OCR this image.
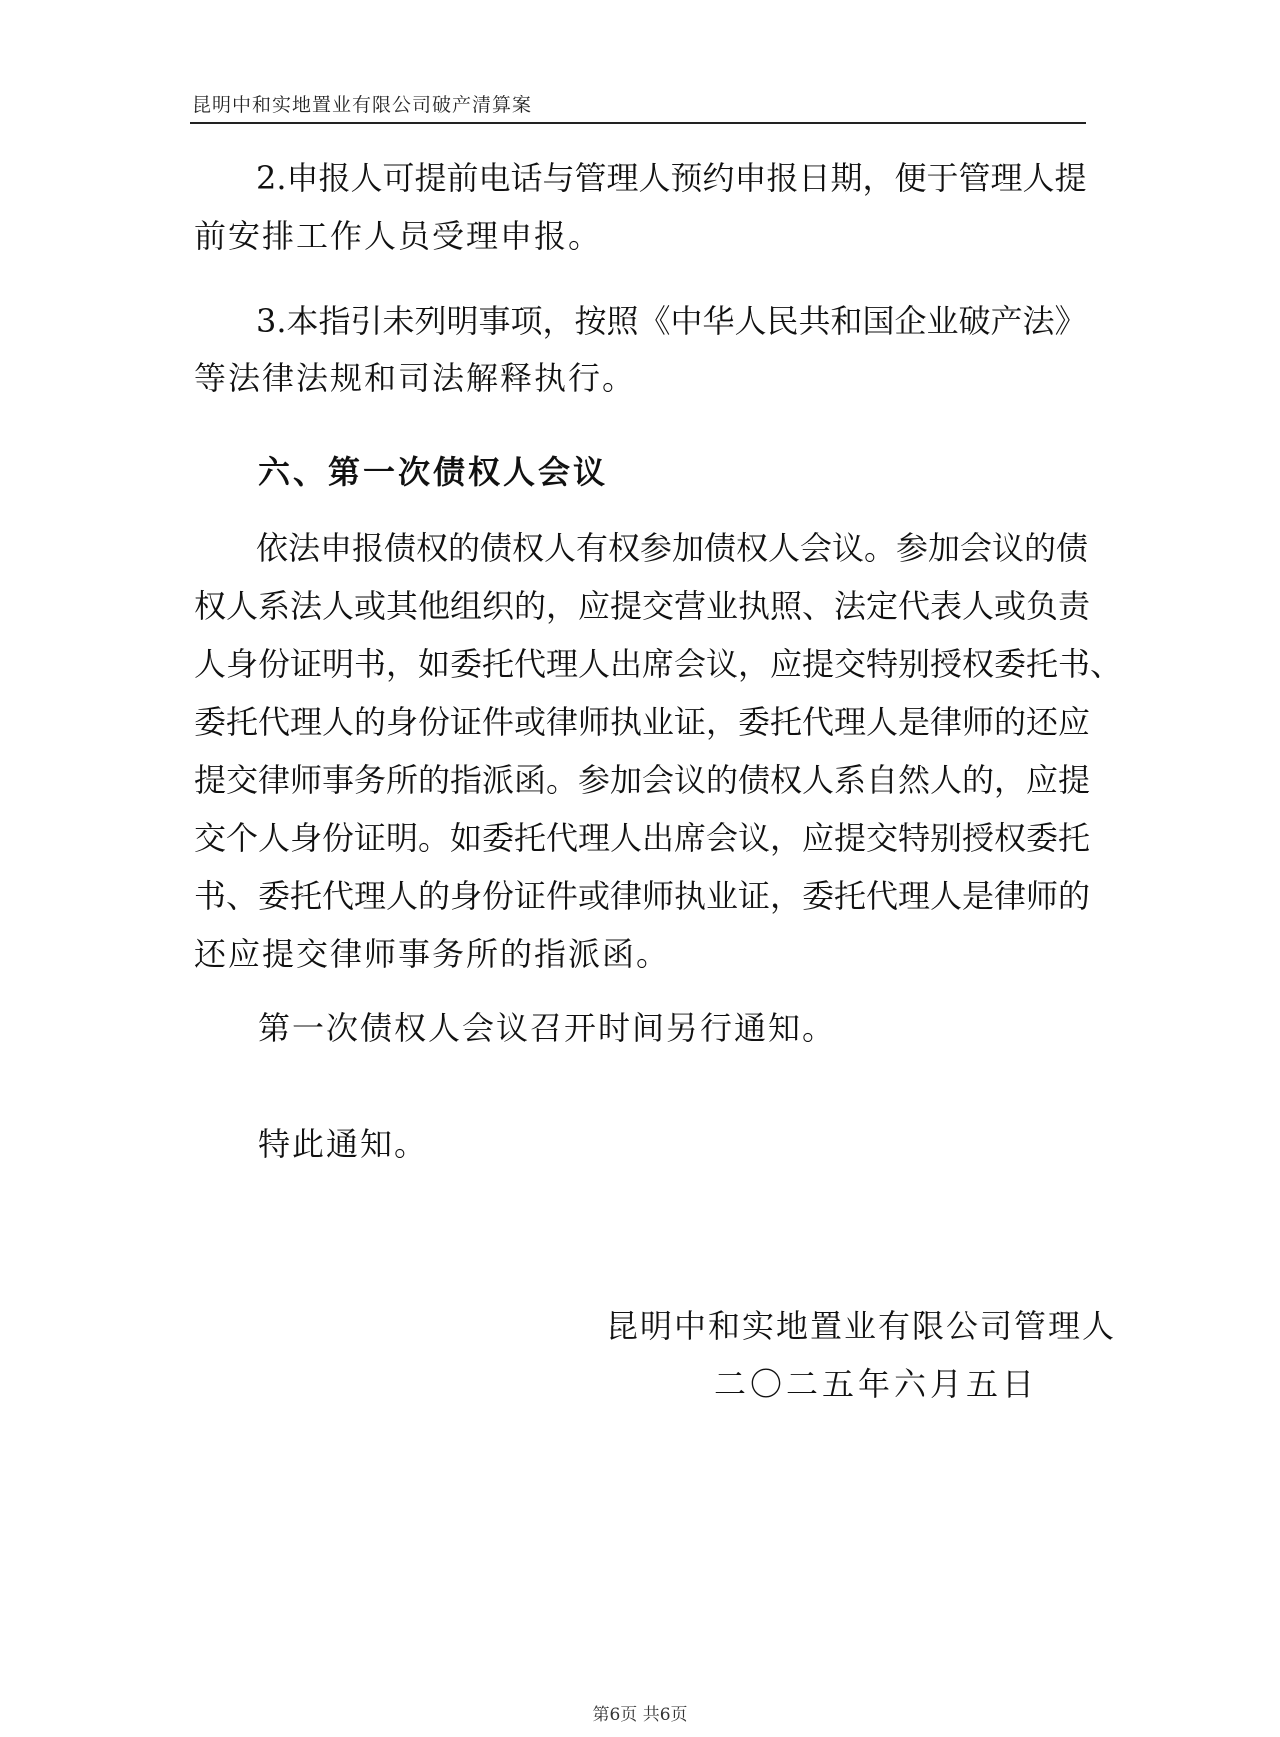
昆明中和实地置业有限公司破产清算案
2.申报人可提前电话与管理人预约申报日期，便于管理人提
前安排工作人员受理申报。
3.本指引未列明事项，按照《中华人民共和国企业破产法》
等法律法规和司法解释执行。
六、第一次债权人会议
依法申报债权的债权人有权参加债权人会议。参加会议的债
权人系法人或其他组织的，应提交营业执照、法定代表人或负责
人身份证明书，如委托代理人出席会议，应提交特别授权委托书、
委托代理人的身份证件或律师执业证，委托代理人是律师的还应
提交律师事务所的指派函。参加会议的债权人系自然人的，应提
交个人身份证明。如委托代理人出席会议，应提交特别授权委托
书、委托代理人的身份证件或律师执业证，委托代理人是律师的
还应提交律师事务所的指派函。
第一次债权人会议召开时间另行通知。
特此通知。
昆明中和实地置业有限公司管理人
二〇二五年六月五日
第6页 共6页
